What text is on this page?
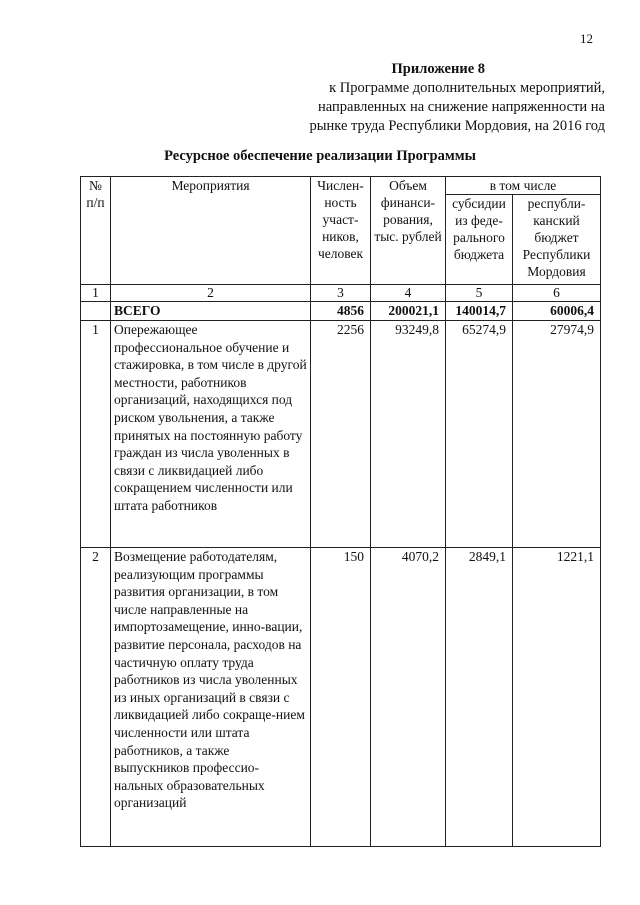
12
Приложение 8
к Программе дополнительных мероприятий,
направленных на снижение напряженности на
рынке труда Республики Мордовия, на 2016 год
Ресурсное обеспечение реализации Программы
№ п/п	Мероприятия	Числен-ность участ-ников, человек	Объем финанси-рования, тыс. рублей	в том числе	
				субсидии из феде-рального бюджета	республи-канский бюджет Республики Мордовия
1	2	3	4	5	6
	ВСЕГО	4856	200021,1	140014,7	60006,4
1	Опережающее профессиональное обучение и стажировка, в том числе в другой местности, работников организаций, находящихся под риском увольнения, а также принятых на постоянную работу граждан из числа уволенных в связи с ликвидацией либо сокращением численности или штата работников	2256	93249,8	65274,9	27974,9
2	Возмещение работодателям, реализующим программы развития организации, в том числе направленные на импортозамещение, инно-вации, развитие персонала, расходов на частичную оплату труда работников из числа уволенных из иных организаций в связи с ликвидацией либо сокраще-нием численности или штата работников, а также выпускников профессио-нальных образовательных организаций	150	4070,2	2849,1	1221,1
